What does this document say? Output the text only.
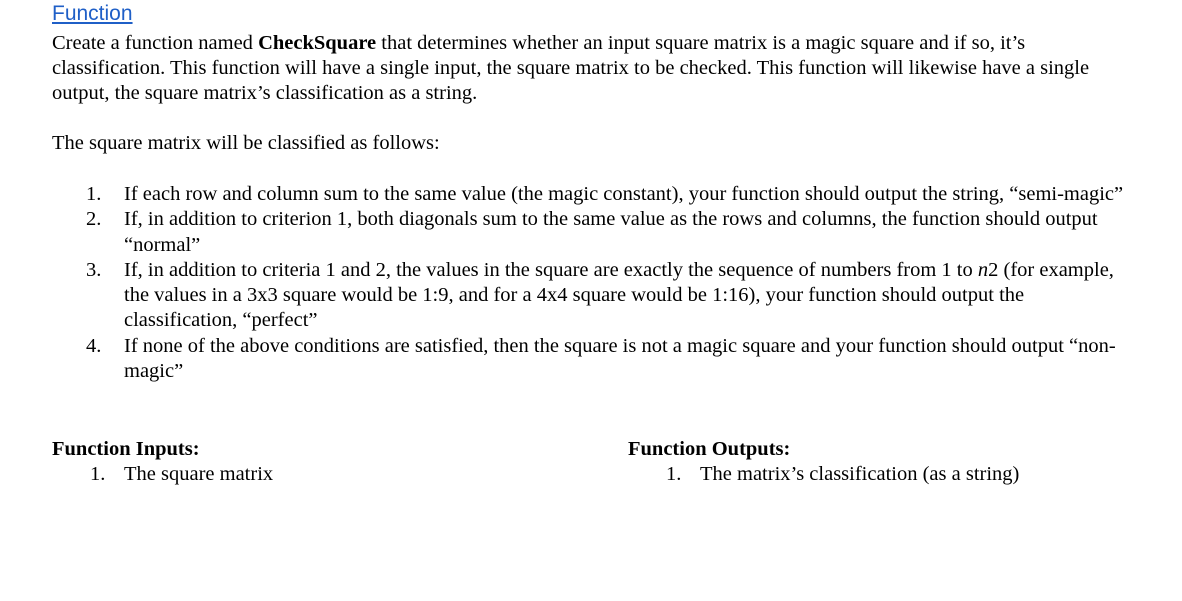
Function
Create a function named CheckSquare that determines whether an input square matrix is a magic square and if so, it’s classification. This function will have a single input, the square matrix to be checked. This function will likewise have a single output, the square matrix’s classification as a string.
The square matrix will be classified as follows:
1. If each row and column sum to the same value (the magic constant), your function should output the string, “semi-magic”
2. If, in addition to criterion 1, both diagonals sum to the same value as the rows and columns, the function should output “normal”
3. If, in addition to criteria 1 and 2, the values in the square are exactly the sequence of numbers from 1 to n2 (for example, the values in a 3x3 square would be 1:9, and for a 4x4 square would be 1:16), your function should output the classification, “perfect”
4. If none of the above conditions are satisfied, then the square is not a magic square and your function should output “non-magic”
Function Inputs:
1. The square matrix
Function Outputs:
1. The matrix’s classification (as a string)
